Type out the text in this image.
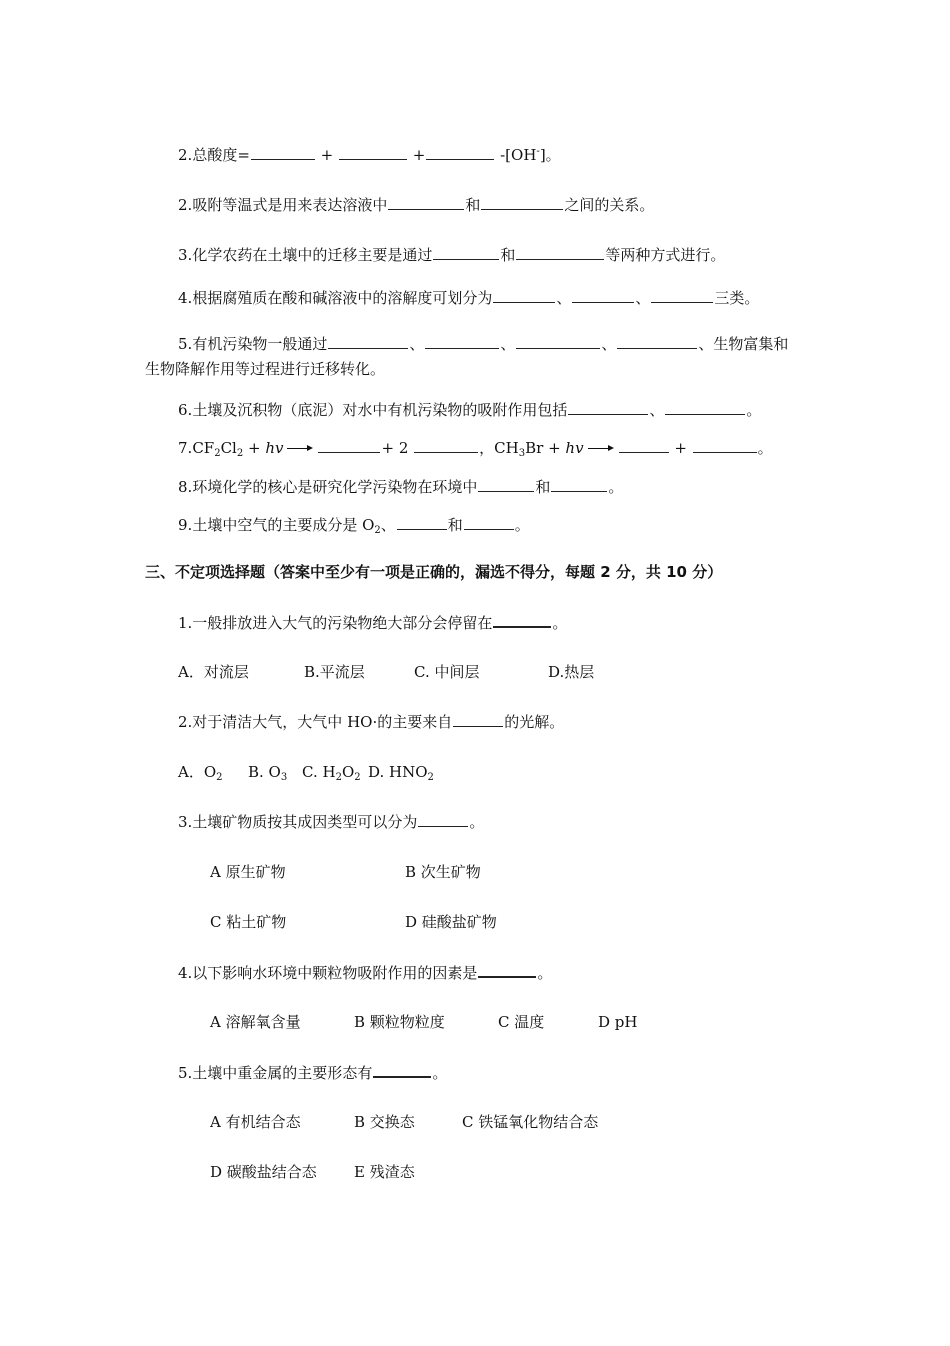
2.总酸度=	+	+	-[OH-]。
2.吸附等温式是用来表达溶液中	和	之间的关系。
3.化学农药在土壤中的迁移主要是通过	和	等两种方式进行。
4.根据腐殖质在酸和碱溶液中的溶解度可划分为	、	、	三类。
5.有机污染物一般通过	、	、	、	、生物富集和
生物降解作用等过程进行迁移转化。
6.土壤及沉积物（底泥）对水中有机污染物的吸附作用包括	、	。
$7.CF_2Cl_2$ + hv	+ 2	，$CH_3Br$ + hv	+	。
8.环境化学的核心是研究化学污染物在环境中	和	。
9.土壤中空气的主要成分是 $O_2$、	和	。
三、不定项选择题（答案中至少有一项是正确的，漏选不得分，每题 2 分，共 10 分）
1.一般排放进入大气的污染物绝大部分会停留在	。
A．对流层	B.平流层	C. 中间层	D.热层
2.对于清洁大气，大气中 HO·的主要来自	的光解。
A．$O_2$ B. $O_3$ C. $H_2O_2$ D. $HNO_2$
3.土壤矿物质按其成因类型可以分为	。
A 原生矿物	B 次生矿物
C 粘土矿物	D 硅酸盐矿物
4.以下影响水环境中颗粒物吸附作用的因素是	。
A 溶解氧含量	B 颗粒物粒度	C 温度	D pH
5.土壤中重金属的主要形态有	。
A 有机结合态	B 交换态	C 铁锰氧化物结合态
D 碳酸盐结合态 E 残渣态
